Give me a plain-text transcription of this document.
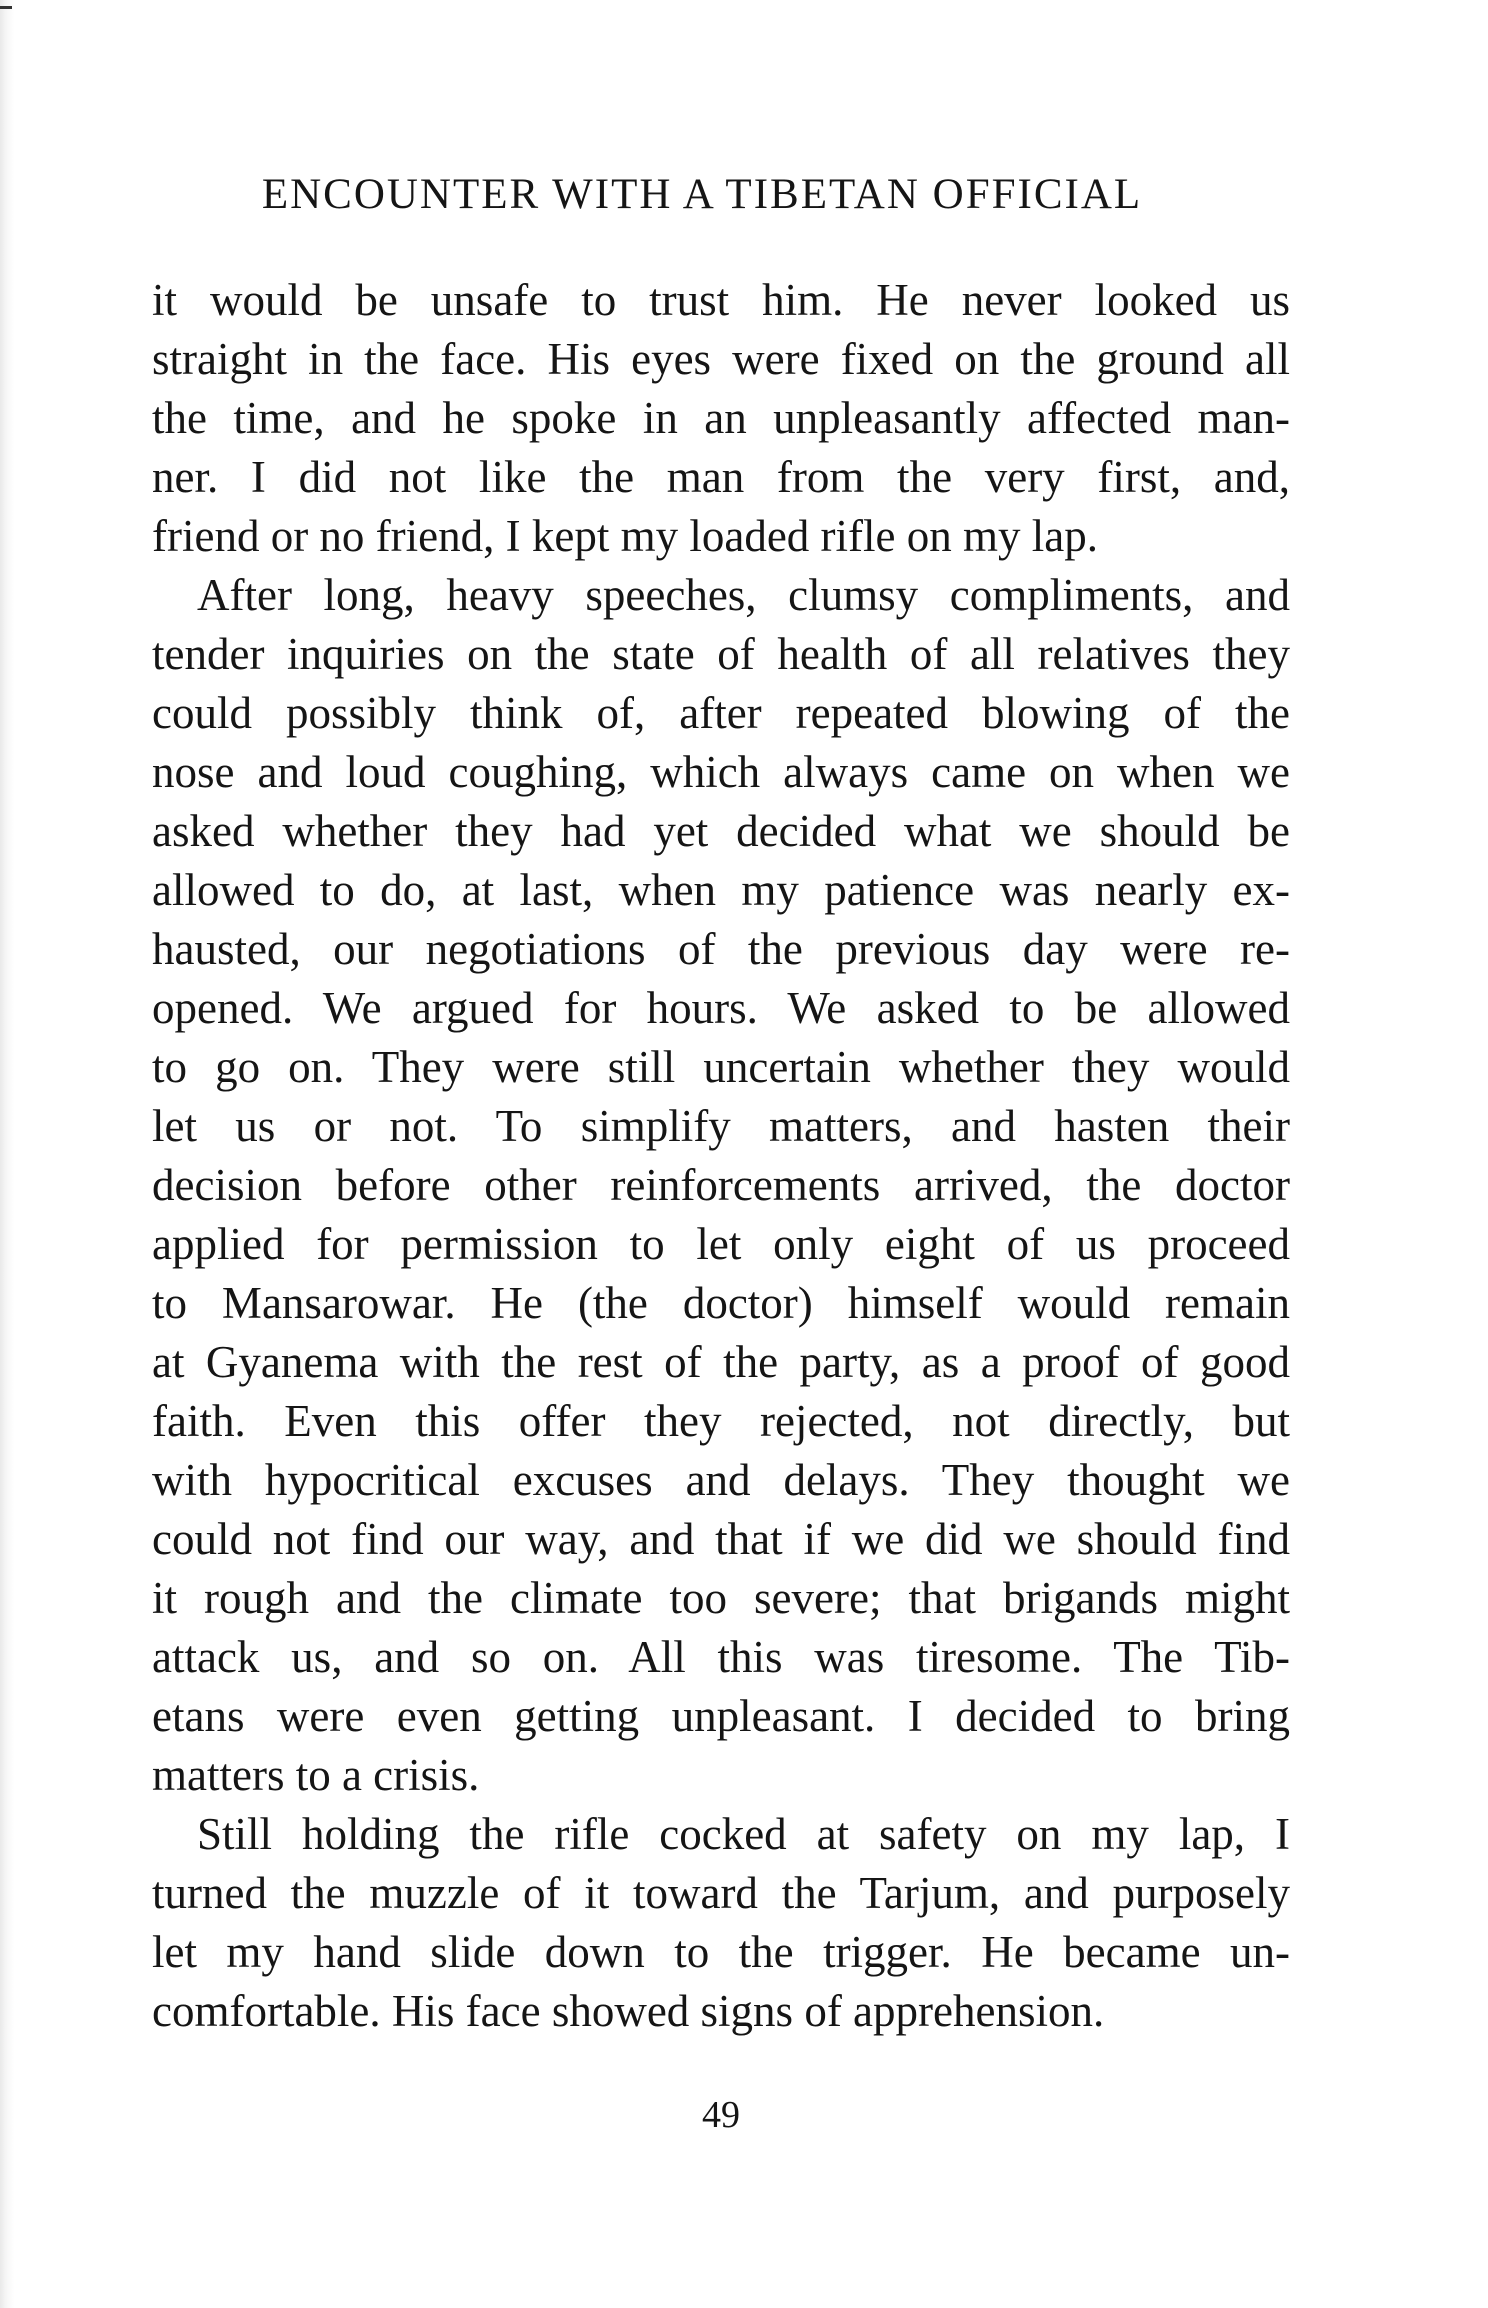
ENCOUNTER WITH A TIBETAN OFFICIAL
it would be unsafe to trust him. He never looked us
straight in the face. His eyes were fixed on the ground all
the time, and he spoke in an unpleasantly affected man-
ner. I did not like the man from the very first, and,
friend or no friend, I kept my loaded rifle on my lap.
After long, heavy speeches, clumsy compliments, and
tender inquiries on the state of health of all relatives they
could possibly think of, after repeated blowing of the
nose and loud coughing, which always came on when we
asked whether they had yet decided what we should be
allowed to do, at last, when my patience was nearly ex-
hausted, our negotiations of the previous day were re-
opened. We argued for hours. We asked to be allowed
to go on. They were still uncertain whether they would
let us or not. To simplify matters, and hasten their
decision before other reinforcements arrived, the doctor
applied for permission to let only eight of us proceed
to Mansarowar. He (the doctor) himself would remain
at Gyanema with the rest of the party, as a proof of good
faith. Even this offer they rejected, not directly, but
with hypocritical excuses and delays. They thought we
could not find our way, and that if we did we should find
it rough and the climate too severe; that brigands might
attack us, and so on. All this was tiresome. The Tib-
etans were even getting unpleasant. I decided to bring
matters to a crisis.
Still holding the rifle cocked at safety on my lap, I
turned the muzzle of it toward the Tarjum, and purposely
let my hand slide down to the trigger. He became un-
comfortable. His face showed signs of apprehension.
49
